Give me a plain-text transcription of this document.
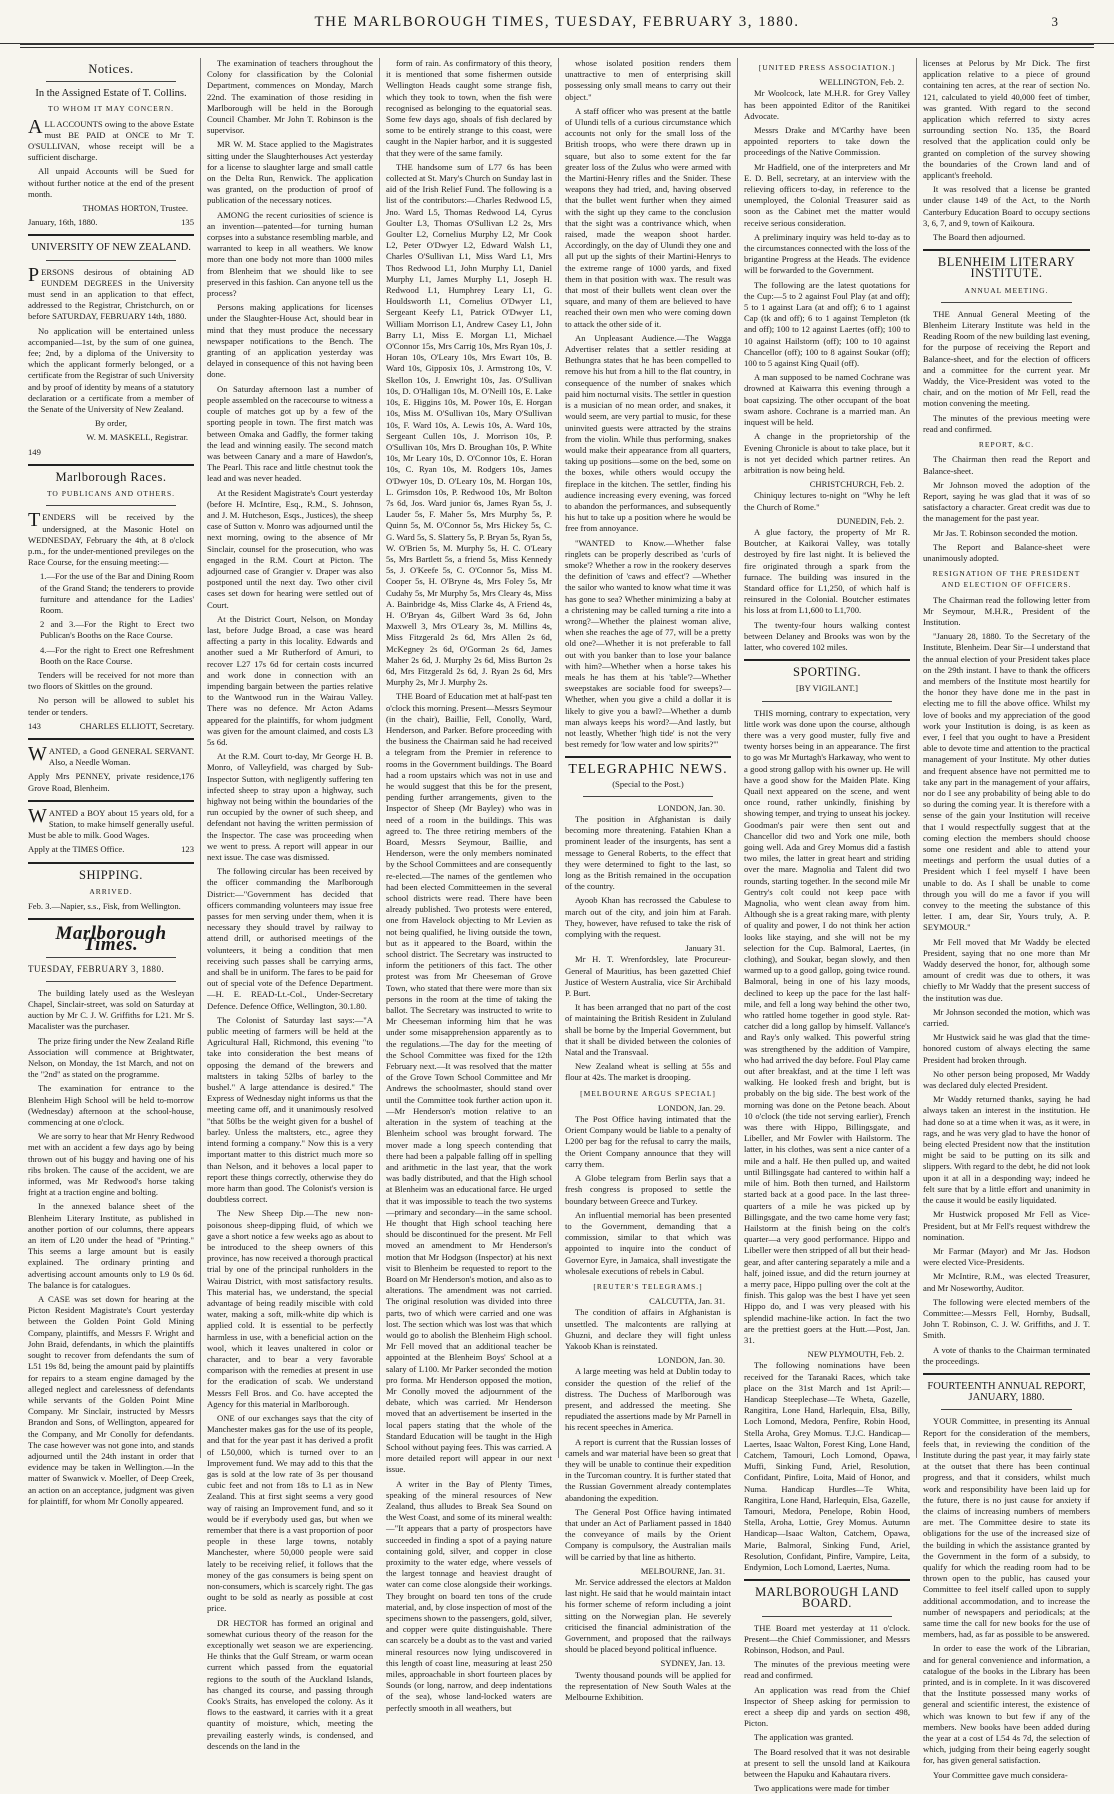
THE MARLBOROUGH TIMES, TUESDAY, FEBRUARY 3, 1880.	3
Notices.
In the Assigned Estate of T. Collins.
TO WHOM IT MAY CONCERN.

ALL ACCOUNTS owing to the above Estate must BE PAID at ONCE to Mr T. O'SULLIVAN, whose receipt will be a sufficient discharge.

All unpaid Accounts will be Sued for without further notice at the end of the present month.

THOMAS HORTON, Trustee.
January, 16th, 1880.	135
UNIVERSITY OF NEW ZEALAND.

PERSONS desirous of obtaining AD EUNDEM DEGREES in the University must send in an application to that effect, addressed to the Registrar, Christchurch, on or before SATURDAY, FEBRUARY 14th, 1880.

No application will be entertained unless accompanied—1st, by the sum of one guinea, fee; 2nd, by a diploma of the University to which the applicant formerly belonged, or a certificate from the Registrar of such University and by proof of identity by means of a statutory declaration or a certificate from a member of the Senate of the University of New Zealand.

By order,
W. M. MASKELL, Registrar.
149
Marlborough Races.
TO PUBLICANS AND OTHERS.

TENDERS will be received by the undersigned, at the Masonic Hotel on WEDNESDAY, February the 4th, at 8 o'clock p.m., for the under-mentioned previleges on the Race Course, for the ensuing meeting:—

1.—For the use of the Bar and Dining Room of the Grand Stand; the tenderers to provide furniture and attendance for the Ladies' Room.

2 and 3.—For the Right to Erect two Publican's Booths on the Race Course.

4.—For the right to Erect one Refreshment Booth on the Race Course.

Tenders will be received for not more than two floors of Skittles on the ground.

No person will be allowed to sublet his tender or tenders.

143	CHARLES ELLIOTT, Secretary.

WANTED, a Good GENERAL SERVANT. Also, a Needle Woman.

Apply Mrs PENNEY, private residence, Grove Road, Blenheim.
176

WANTED a BOY about 15 years old, for a Station, to make himself generally useful. Must be able to milk. Good Wages.

Apply at the TIMES Office.	123
SHIPPING.
ARRIVED.

Feb. 3.—Napier, s.s., Fisk, from Wellington.

Marlborough Times.
TUESDAY, FEBRUARY 3, 1880.

The building lately used as the Wesleyan Chapel, Sinclair-street, was sold on Saturday at auction by Mr C. J. W. Griffiths for L21. Mr S. Macalister was the purchaser.

The prize firing under the New Zealand Rifle Association will commence at Brightwater, Nelson, on Monday, the 1st March, and not on the "2nd" as stated on the programme.

The examination for entrance to the Blenheim High School will be held to-morrow (Wednesday) afternoon at the school-house, commencing at one o'clock.

We are sorry to hear that Mr Henry Redwood met with an accident a few days ago by being thrown out of his buggy and having one of his ribs broken. The cause of the accident, we are informed, was Mr Redwood's horse taking fright at a traction engine and bolting.

In the annexed balance sheet of the Blenheim Literary Institute, as published in another portion of our columns, there appears an item of L20 under the head of "Printing." This seems a large amount but is easily explained. The ordinary printing and advertising account amounts only to L9 0s 6d. The balance is for catalogues.

A CASE was set down for hearing at the Picton Resident Magistrate's Court yesterday between the Golden Point Gold Mining Company, plaintiffs, and Messrs F. Wright and John Braid, defendants, in which the plaintiffs sought to recover from defendants the sum of L51 19s 8d, being the amount paid by plaintiffs for repairs to a steam engine damaged by the alleged neglect and carelessness of defendants while servants of the Golden Point Mine Company. Mr Sinclair, instructed by Messrs Brandon and Sons, of Wellington, appeared for the Company, and Mr Conolly for defendants. The case however was not gone into, and stands adjourned until the 24th instant in order that evidence may be taken in Wellington.—In the matter of Swanwick v. Moeller, of Deep Creek, an action on an acceptance, judgment was given for plaintiff, for whom Mr Conolly appeared.

The examination of teachers throughout the Colony for classification by the Colonial Department, commences on Monday, March 22nd. The examination of those residing in Marlborough will be held in the Borough Council Chamber. Mr John T. Robinson is the supervisor.

MR W. M. Stace applied to the Magistrates sitting under the Slaughterhouses Act yesterday for a license to slaughter large and small cattle on the Delta Run, Renwick. The application was granted, on the production of proof of publication of the necessary notices.

AMONG the recent curiosities of science is an invention—patented—for turning human corpses into a substance resembling marble, and warranted to keep in all weathers. We know more than one body not more than 1000 miles from Blenheim that we should like to see preserved in this fashion. Can anyone tell us the process?

Persons making applications for licenses under the Slaughter-House Act, should bear in mind that they must produce the necessary newspaper notifications to the Bench. The granting of an application yesterday was delayed in consequence of this not having been done.

On Saturday afternoon last a number of people assembled on the racecourse to witness a couple of matches got up by a few of the sporting people in town. The first match was between Omaka and Gadfly, the former taking the lead and winning easily. The second match was between Canary and a mare of Hawdon's, The Pearl. This race and little chestnut took the lead and was never headed.

At the Resident Magistrate's Court yesterday (before H. McIntire, Esq., R.M., S. Johnson, and J. M. Hutcheson, Esqs., Justices), the sheep case of Sutton v. Monro was adjourned until the next morning, owing to the absence of Mr Sinclair, counsel for the prosecution, who was engaged in the R.M. Court at Picton. The adjourned case of Grangier v. Draper was also postponed until the next day. Two other civil cases set down for hearing were settled out of Court.

At the District Court, Nelson, on Monday last, before Judge Broad, a case was heard affecting a party in this locality. Edwards and another sued a Mr Rutherford of Amuri, to recover L27 17s 6d for certain costs incurred and work done in connection with an impending bargain between the parties relative to the Wantwood run in the Wairau Valley. There was no defence. Mr Acton Adams appeared for the plaintiffs, for whom judgment was given for the amount claimed, and costs L3 5s 6d.

At the R.M. Court to-day, Mr George H. B. Monro, of Valleyfield, was charged by Sub-Inspector Sutton, with negligently suffering ten infected sheep to stray upon a highway, such highway not being within the boundaries of the run occupied by the owner of such sheep, and defendant not having the written permission of the Inspector. The case was proceeding when we went to press. A report will appear in our next issue. The case was dismissed.

The following circular has been received by the officer commanding the Marlborough District:—"Government has decided that officers commanding volunteers may issue free passes for men serving under them, when it is necessary they should travel by railway to attend drill, or authorised meetings of the volunteers, it being a condition that men receiving such passes shall be carrying arms, and shall be in uniform. The fares to be paid for out of special vote of the Defence Department.—H. E. READ-Lt.-Col., Under-Secretary Defence. Defence Office, Wellington, 30.1.80.

The Colonist of Saturday last says:—"A public meeting of farmers will be held at the Agricultural Hall, Richmond, this evening "to take into consideration the best means of opposing the demand of the brewers and maltsters in taking 52lbs of barley to the bushel." A large attendance is desired." The Express of Wednesday night informs us that the meeting came off, and it unanimously resolved "that 50lbs be the weight given for a bushel of barley. Unless the maltsters, etc., agree they intend forming a company." Now this is a very important matter to this district much more so than Nelson, and it behoves a local paper to report these things correctly, otherwise they do more harm than good. The Colonist's version is doubtless correct.

The New Sheep Dip.—The new non-poisonous sheep-dipping fluid, of which we gave a short notice a few weeks ago as about to be introduced to the sheep owners of this province, has now received a thorough practical trial by one of the principal runholders in the Wairau District, with most satisfactory results. This material has, we understand, the special advantage of being readily miscible with cold water, making a soft, milk-white dip which is applied cold. It is essential to be perfectly harmless in use, with a beneficial action on the wool, which it leaves unaltered in color or character, and to bear a very favorable comparison with the remedies at present in use for the eradication of scab. We understand Messrs Fell Bros. and Co. have accepted the Agency for this material in Marlborough.

ONE of our exchanges says that the city of Manchester makes gas for the use of its people, and that for the year past it has derived a profit of L50,000, which is turned over to an Improvement fund. We may add to this that the gas is sold at the low rate of 3s per thousand cubic feet and not from 18s to L1 as in New Zealand. This at first sight seems a very good way of raising an Improvement fund, and so it would be if everybody used gas, but when we remember that there is a vast proportion of poor people in these large towns, notably Manchester, where 50,000 people were said lately to be receiving relief, it follows that the money of the gas consumers is being spent on non-consumers, which is scarcely right. The gas ought to be sold as nearly as possible at cost price.

DR HECTOR has formed an original and somewhat curious theory of the reason for the exceptionally wet season we are experiencing. He thinks that the Gulf Stream, or warm ocean current which passed from the equatorial regions to the south of the Auckland Islands, has changed its course, and passing through Cook's Straits, has enveloped the colony. As it flows to the eastward, it carries with it a great quantity of moisture, which, meeting the prevailing easterly winds, is condensed, and descends on the land in the

form of rain. As confirmatory of this theory, it is mentioned that some fishermen outside Wellington Heads caught some strange fish, which they took to town, when the fish were recognised as belonging to the equatorial seas. Some few days ago, shoals of fish declared by some to be entirely strange to this coast, were caught in the Napier harbor, and it is suggested that they were of the same family.

THE handsome sum of L77 6s has been collected at St. Mary's Church on Sunday last in aid of the Irish Relief Fund. The following is a list of the contributors:—Charles Redwood L5, Jno. Ward L5, Thomas Redwood L4, Cyrus Goulter L3, Thomas O'Sullivan L2 2s, Mrs Goulter L2, Cornelius Murphy L2, Mr Cook L2, Peter O'Dwyer L2, Edward Walsh L1, Charles O'Sullivan L1, Miss Ward L1, Mrs Thos Redwood L1, John Murphy L1, Daniel Murphy L1, James Murphy L1, Joseph H. Redwood L1, Humphrey Leary L1, G. Houldsworth L1, Cornelius O'Dwyer L1, Sergeant Keefy L1, Patrick O'Dwyer L1, William Morrison L1, Andrew Casey L1, John Barry L1, Miss E. Morgan L1, Michael O'Connor 15s, Mrs Carrig 10s, Mrs Ryan 10s, J. Horan 10s, O'Leary 10s, Mrs Ewart 10s, B. Ward 10s, Gipposix 10s, J. Armstrong 10s, V. Skellon 10s, J. Enwright 10s, Jas. O'Sullivan 10s, D. O'Halligan 10s, M. O'Neill 10s, E. Lake 10s, E. Higgins 10s, M. Power 10s, E. Horgan 10s, Miss M. O'Sullivan 10s, Mary O'Sullivan 10s, F. Ward 10s, A. Lewis 10s, A. Ward 10s, Sergeant Cullen 10s, J. Morrison 10s, P. O'Sullivan 10s, Mrs D. Broughan 10s, P. White 10s, Mr Leary 10s, D. O'Connor 10s, E. Horan 10s, C. Ryan 10s, M. Rodgers 10s, James O'Dwyer 10s, D. O'Leary 10s, M. Horgan 10s, L. Grimsdon 10s, P. Redwood 10s, Mr Bolton 7s 6d, Jos. Ward junior 6s, James Ryan 5s, J. Lauder 5s, F. Maher 5s, Mrs Murphy 5s, P. Quinn 5s, M. O'Connor 5s, Mrs Hickey 5s, C. G. Ward 5s, S. Slattery 5s, P. Bryan 5s, Ryan 5s, W. O'Brien 5s, M. Murphy 5s, H. C. O'Leary 5s, Mrs Bartlett 5s, a friend 5s, Miss Kennedy 5s, J. O'Keefe 5s, C. O'Connor 5s, Miss M. Cooper 5s, H. O'Bryne 4s, Mrs Foley 5s, Mr Cudahy 5s, Mr Murphy 5s, Mrs Cleary 4s, Miss A. Bainbridge 4s, Miss Clarke 4s, A Friend 4s, H. O'Bryan 4s, Gilbert Ward 3s 6d, John Maxwell 3, Mrs O'Leary 3s, M. Millins 4s, Miss Fitzgerald 2s 6d, Mrs Allen 2s 6d, McKegney 2s 6d, O'Gorman 2s 6d, James Maher 2s 6d, J. Murphy 2s 6d, Miss Burton 2s 6d, Mrs Fitzgerald 2s 6d, J. Ryan 2s 6d, Mrs Murphy 2s, Mr J. Murphy 2s.

THE Board of Education met at half-past ten o'clock this morning. Present—Messrs Seymour (in the chair), Baillie, Fell, Conolly, Ward, Henderson, and Parker. Before proceeding with the business the Chairman said he had received a telegram from the Premier in reference to rooms in the Government buildings. The Board had a room upstairs which was not in use and he would suggest that this be for the present, pending further arrangements, given to the Inspector of Sheep (Mr Bayley) who was in need of a room in the buildings. This was agreed to. The three retiring members of the Board, Messrs Seymour, Baillie, and Henderson, were the only members nominated by the School Committees and are consequently re-elected.—The names of the gentlemen who had been elected Committeemen in the several school districts were read. There have been already published. Two protests were entered, one from Havelock objecting to Mr Levien as not being qualified, he living outside the town, but as it appeared to the Board, within the school district. The Secretary was instructed to inform the petitioners of this fact. The other protest was from Mr Cheeseman of Grove Town, who stated that there were more than six persons in the room at the time of taking the ballot. The Secretary was instructed to write to Mr Cheeseman informing him that he was under some misapprehension apparently as to the regulations.—The day for the meeting of the School Committee was fixed for the 12th February next.—It was resolved that the matter of the Grove Town School Committee and Mr Andrews the schoolmaster, should stand over until the Committee took further action upon it.—Mr Henderson's motion relative to an alteration in the system of teaching at the Blenheim school was brought forward. The mover made a long speech contending that there had been a palpable falling off in spelling and arithmetic in the last year, that the work was badly distributed, and that the High school at Blenheim was an educational farce. He urged that it was impossible to teach the two systems—primary and secondary—in the same school. He thought that High school teaching here should be discontinued for the present. Mr Fell moved an amendment to Mr Henderson's motion that Mr Hodgson (Inspector) at his next visit to Blenheim be requested to report to the Board on Mr Henderson's motion, and also as to alterations. The amendment was not carried. The original resolution was divided into three parts, two of which were carried and one was lost. The section which was lost was that which would go to abolish the Blenheim High school. Mr Fell moved that an additional teacher be appointed at the Blenheim Boys' School at a salary of L100. Mr Parker seconded the motion pro forma. Mr Henderson opposed the motion, Mr Conolly moved the adjournment of the debate, which was carried. Mr Henderson moved that an advertisement be inserted in the local papers stating that the whole of the Standard Education will be taught in the High School without paying fees. This was carried. A more detailed report will appear in our next issue.

A writer in the Bay of Plenty Times, speaking of the mineral resources of New Zealand, thus alludes to Break Sea Sound on the West Coast, and some of its mineral wealth:—"It appears that a party of prospectors have succeeded in finding a spot of a paying nature containing gold, silver, and copper in close proximity to the water edge, where vessels of the largest tonnage and heaviest draught of water can come close alongside their workings. They brought on board ten tons of the crude material, and, by close inspection of most of the specimens shown to the passengers, gold, silver, and copper were quite distinguishable. There can scarcely be a doubt as to the vast and varied mineral resources now lying undiscovered in this length of coast line, measuring at least 250 miles, approachable in short fourteen places by Sounds (or long, narrow, and deep indentations of the sea), whose land-locked waters are perfectly smooth in all weathers, but

whose isolated position renders them unattractive to men of enterprising skill possessing only small means to carry out their object."

A staff officer who was present at the battle of Ulundi tells of a curious circumstance which accounts not only for the small loss of the British troops, who were there drawn up in square, but also to some extent for the far greater loss of the Zulus who were armed with the Martini-Henry rifles and the Snider. These weapons they had tried, and, having observed that the bullet went further when they aimed with the sight up they came to the conclusion that the sight was a contrivance which, when raised, made the weapon shoot harder. Accordingly, on the day of Ulundi they one and all put up the sights of their Martini-Henrys to the extreme range of 1000 yards, and fixed them in that position with wax. The result was that most of their bullets went clean over the square, and many of them are believed to have reached their own men who were coming down to attack the other side of it.

An Unpleasant Audience.—The Wagga Advertiser relates that a settler residing at Bethungra states that he has been compelled to remove his hut from a hill to the flat country, in consequence of the number of snakes which paid him nocturnal visits. The settler in question is a musician of no mean order, and snakes, it would seem, are very partial to music, for these uninvited guests were attracted by the strains from the violin. While thus performing, snakes would make their appearance from all quarters, taking up positions—some on the bed, some on the boxes, while others would occupy the fireplace in the kitchen. The settler, finding his audience increasing every evening, was forced to abandon the performances, and subsequently his hut to take up a position where he would be free from annoyance.

"WANTED to Know.—Whether false ringlets can be properly described as 'curls of smoke'? Whether a row in the rookery deserves the definition of 'caws and effect'? —Whether the sailor who wanted to know what time it was has gone to sea? Whether minimizing a baby at a christening may be called turning a rite into a wrong?—Whether the plainest woman alive, when she reaches the age of 77, will be a pretty old one?—Whether it is not preferable to fall out with you banker than to lose your balance with him?—Whether when a horse takes his meals he has them at his 'table'?—Whether sweepstakes are sociable food for sweeps?—Whether, when you give a child a dollar it is likely to give you a bawl?—Whether a dumb man always keeps his word?—And lastly, but not leastly, Whether 'high tide' is not the very best remedy for 'low water and low spirits?'"

TELEGRAPHIC NEWS.
(Special to the Post.)
LONDON, Jan. 30.

The position in Afghanistan is daily becoming more threatening. Fatahien Khan a prominent leader of the insurgents, has sent a message to General Roberts, to the effect that they were determined to fight to the last, so long as the British remained in the occupation of the country.

Ayoob Khan has recrossed the Cabulese to march out of the city, and join him at Farah. They, however, have refused to take the risk of complying with the request.

January 31.

Mr H. T. Wrenfordsley, late Procureur-General of Mauritius, has been gazetted Chief Justice of Western Australia, vice Sir Archibald P. Burt.

It has been arranged that no part of the cost of maintaining the British Resident in Zululand shall be borne by the Imperial Government, but that it shall be divided between the colonies of Natal and the Transvaal.

New Zealand wheat is selling at 55s and flour at 42s. The market is drooping.

[MELBOURNE ARGUS SPECIAL]
LONDON, Jan. 29.

The Post Office having intimated that the Orient Company would be liable to a penalty of L200 per bag for the refusal to carry the mails, the Orient Company announce that they will carry them.

A Globe telegram from Berlin says that a fresh congress is proposed to settle the boundary between Greece and Turkey.

An influential memorial has been presented to the Government, demanding that a commission, similar to that which was appointed to inquire into the conduct of Governor Eyre, in Jamaica, shall investigate the wholesale executions of rebels in Cabul.

[REUTER'S TELEGRAMS.]
CALCUTTA, Jan. 31.

The condition of affairs in Afghanistan is unsettled. The malcontents are rallying at Ghuzni, and declare they will fight unless Yakoob Khan is reinstated.

LONDON, Jan. 30.

A large meeting was held at Dublin today to consider the question of the relief of the distress. The Duchess of Marlborough was present, and addressed the meeting. She repudiated the assertions made by Mr Parnell in his recent speeches in America.

A report is current that the Russian losses of camels and war material have been so great that they will be unable to continue their expedition in the Turcoman country. It is further stated that the Russian Government already contemplates abandoning the expedition.

The General Post Office having intimated that under an Act of Parliament passed in 1840 the conveyance of mails by the Orient Company is compulsory, the Australian mails will be carried by that line as hitherto.

MELBOURNE, Jan. 31.

Mr. Service addressed the electors at Maldon last night. He said that he would maintain intact his former scheme of reform including a joint sitting on the Norwegian plan. He severely criticised the financial administration of the Government, and proposed that the railways should be placed beyond political influence.

SYDNEY, Jan. 13.

Twenty thousand pounds will be applied for the representation of New South Wales at the Melbourne Exhibition.

[UNITED PRESS ASSOCIATION.]
WELLINGTON, Feb. 2.

Mr Woolcock, late M.H.R. for Grey Valley has been appointed Editor of the Ranitikei Advocate.

Messrs Drake and M'Carthy have been appointed reporters to take down the proceedings of the Native Commission.

Mr Hadfield, one of the interpreters and Mr E. D. Bell, secretary, at an interview with the relieving officers to-day, in reference to the unemployed, the Colonial Treasurer said as soon as the Cabinet met the matter would receive serious consideration.

A preliminary inquiry was held to-day as to the circumstances connected with the loss of the brigantine Progress at the Heads. The evidence will be forwarded to the Government.

The following are the latest quotations for the Cup:—5 to 2 against Foul Play (at and off); 5 to 1 against Lara (at and off); 6 to 1 against Cap (tk and off); 6 to 1 against Templeton (tk and off); 100 to 12 against Laertes (off); 100 to 10 against Hailstorm (off); 100 to 10 against Chancellor (off); 100 to 8 against Soukar (off); 100 to 5 against King Quail (off).

A man supposed to be named Cochrane was drowned at Kaiwarra this evening through a boat capsizing. The other occupant of the boat swam ashore. Cochrane is a married man. An inquest will be held.

A change in the proprietorship of the Evening Chronicle is about to take place, but it is not yet decided which partner retires. An arbitration is now being held.

CHRISTCHURCH, Feb. 2.

Chiniquy lectures to-night on "Why he left the Church of Rome."

DUNEDIN, Feb. 2.

A glue factory, the property of Mr R. Boutcher, at Kaikorai Valley, was totally destroyed by fire last night. It is believed the fire originated through a spark from the furnace. The building was insured in the Standard office for L1,250, of which half is reinsured in the Colonial. Boutcher estimates his loss at from L1,600 to L1,700.

The twenty-four hours walking contest between Delaney and Brooks was won by the latter, who covered 102 miles.

SPORTING.
[BY VIGILANT.]

THIS morning, contrary to expectation, very little work was done upon the course, although there was a very good muster, fully five and twenty horses being in an appearance. The first to go was Mr Murtagh's Harkaway, who went to a good strong gallop with his owner up. He will have a good show for the Maiden Plate. King Quail next appeared on the scene, and went once round, rather unkindly, finishing by showing temper, and trying to unseat his jockey. Goodman's pair were then sent out and Chancellor did two and York one mile, both going well. Ada and Grey Momus did a fastish two miles, the latter in great heart and striding over the mare. Magnolia and Talent did two rounds, starting together. In the second mile Mr Gentry's colt could not keep pace with Magnolia, who went clean away from him. Although she is a great raking mare, with plenty of quality and power, I do not think her action looks like staying, and she will not be my selection for the Cup. Balmoral, Laertes, (in clothing), and Soukar, began slowly, and then warmed up to a good gallop, going twice round. Balmoral, being in one of his lazy moods, declined to keep up the pace for the last half-mile, and fell a long way behind the other two, who rattled home together in good style. Rat-catcher did a long gallop by himself. Vallance's and Ray's only walked. This powerful string was strengthened by the addition of Vampire, who had arrived the day before. Foul Play came out after breakfast, and at the time I left was walking. He looked fresh and bright, but is probably on the big side. The best work of the morning was done on the Petone beach. About 10 o'clock (the tide not serving earlier), French was there with Hippo, Billingsgate, and Libeller, and Mr Fowler with Hailstorm. The latter, in his clothes, was sent a nice canter of a mile and a half. He then pulled up, and waited until Billingsgate had cantered to within half a mile of him. Both then turned, and Hailstorm started back at a good pace. In the last three-quarters of a mile he was picked up by Billingsgate, and the two came home very fast; Hailstorm at the finish being on the colt's quarter—a very good performance. Hippo and Libeller were then stripped of all but their head-gear, and after cantering separately a mile and a half, joined issue, and did the return journey at a merry pace, Hippo pulling over the colt at the finish. This galop was the best I have yet seen Hippo do, and I was very pleased with his splendid machine-like action. In fact the two are the prettiest goers at the Hutt.—Post, Jan. 31.

NEW PLYMOUTH, Feb. 2.

The following nominations have been received for the Taranaki Races, which take place on the 31st March and 1st April:—Handicap Steeplechase—Te Wheta, Gazelle, Rangitira, Lone Hand, Harlequin, Elsa, Billy, Loch Lomond, Medora, Penfire, Robin Hood, Stella Aroha, Grey Momus. T.J.C. Handicap—Laertes, Isaac Walton, Forest King, Lone Hand, Catchem, Tamouri, Loch Lomond, Opawa, Muffi, Sinking Fund, Ariel, Resolution, Confidant, Pinfire, Loita, Maid of Honor, and Numa. Handicap Hurdles—Te Whita, Rangitira, Lone Hand, Harlequin, Elsa, Gazelle, Tamouri, Medora, Penelope, Robin Hood, Stella, Aroha, Lottie, Grey Momus. Autumn Handicap—Isaac Walton, Catchem, Opawa, Marie, Balmoral, Sinking Fund, Ariel, Resolution, Confidant, Pinfire, Vampire, Leita, Endymion, Loch Lomond, Laertes, Numa.

MARLBOROUGH LAND BOARD.

THE Board met yesterday at 11 o'clock. Present—the Chief Commissioner, and Messrs Robinson, Hodson, and Paul.

The minutes of the previous meeting were read and confirmed.

An application was read from the Chief Inspector of Sheep asking for permission to erect a sheep dip and yards on section 498, Picton.

The application was granted.

The Board resolved that it was not desirable at present to sell the unsold land at Kaikoura between the Hapuku and Kahautara rivers.

Two applications were made for timber

licenses at Pelorus by Mr Dick. The first application relative to a piece of ground containing ten acres, at the rear of section No. 121, calculated to yield 40,000 feet of timber, was granted. With regard to the second application which referred to sixty acres surrounding section No. 135, the Board resolved that the application could only be granted on completion of the survey showing the boundaries of the Crown land and of applicant's freehold.

It was resolved that a license be granted under clause 149 of the Act, to the North Canterbury Education Board to occupy sections 3, 6, 7, and 9, town of Kaikoura.

The Board then adjourned.

BLENHEIM LITERARY INSTITUTE.
ANNUAL MEETING.

THE Annual General Meeting of the Blenheim Literary Institute was held in the Reading Room of the new building last evening, for the purpose of receiving the Report and Balance-sheet, and for the election of officers and a committee for the current year. Mr Waddy, the Vice-President was voted to the chair, and on the motion of Mr Fell, read the motion convening the meeting.

The minutes of the previous meeting were read and confirmed.

REPORT, &C.

The Chairman then read the Report and Balance-sheet.

Mr Johnson moved the adoption of the Report, saying he was glad that it was of so satisfactory a character. Great credit was due to the management for the past year.

Mr Jas. T. Robinson seconded the motion.

The Report and Balance-sheet were unanimously adopted.

RESIGNATION OF THE PRESIDENT AND ELECTION OF OFFICERS.

The Chairman read the following letter from Mr Seymour, M.H.R., President of the Institution.

"January 28, 1880. To the Secretary of the Institute, Blenheim. Dear Sir—I understand that the annual election of your President takes place on the 29th instant. I have to thank the officers and members of the Institute most heartily for the honor they have done me in the past in electing me to fill the above office. Whilst my love of books and my appreciation of the good work your Institution is doing, is as keen as ever, I feel that you ought to have a President able to devote time and attention to the practical management of your Institute. My other duties and frequent absence have not permitted me to take any part in the management of your affairs, nor do I see any probability of being able to do so during the coming year. It is therefore with a sense of the gain your Institution will receive that I would respectfully suggest that at the coming election the members should choose some one resident and able to attend your meetings and perform the usual duties of a President which I feel myself I have been unable to do. As I shall be unable to come through you will do me a favor if you will convey to the meeting the substance of this letter. I am, dear Sir, Yours truly, A. P. SEYMOUR."

Mr Fell moved that Mr Waddy be elected President, saying that no one more than Mr Waddy deserved the honor, for, although some amount of credit was due to others, it was chiefly to Mr Waddy that the present success of the institution was due.

Mr Johnson seconded the motion, which was carried.

Mr Hustwick said he was glad that the time-honored custom of always electing the same President had broken through.

No other person being proposed, Mr Waddy was declared duly elected President.

Mr Waddy returned thanks, saying he had always taken an interest in the institution. He had done so at a time when it was, as it were, in rags, and he was very glad to have the honor of being elected President now that the institution might be said to be putting on its silk and slippers. With regard to the debt, he did not look upon it at all in a desponding way; indeed he felt sure that by a little effort and unanimity in the cause it would be easily liquidated.

Mr Hustwick proposed Mr Fell as Vice-President, but at Mr Fell's request withdrew the nomination.

Mr Farmar (Mayor) and Mr Jas. Hodson were elected Vice-Presidents.

Mr McIntire, R.M., was elected Treasurer, and Mr Noseworthy, Auditor.

The following were elected members of the Committee:—Messrs Fell, Hornby, Budsall, John T. Robinson, C. J. W. Griffiths, and J. T. Smith.

A vote of thanks to the Chairman terminated the proceedings.

FOURTEENTH ANNUAL REPORT, JANUARY, 1880.

YOUR Committee, in presenting its Annual Report for the consideration of the members, feels that, in reviewing the condition of the Institute during the past year, it may fairly state at the outset that there has been continual progress, and that it considers, whilst much work and responsibility have been laid up for the future, there is no just cause for anxiety if the claims of increasing numbers of members are met. The Committee desire to state its obligations for the use of the increased size of the building in which the assistance granted by the Government in the form of a subsidy, to qualify for which the reading room had to be thrown open to the public, has caused your Committee to feel itself called upon to supply additional accommodation, and to increase the number of newspapers and periodicals; at the same time the call for new books for the use of members, had, as far as possible to be answered.

In order to ease the work of the Librarian, and for general convenience and information, a catalogue of the books in the Library has been printed, and is in complete. In it was discovered that the Institute possessed many works of general and scientific interest, the existence of which was known to but few if any of the members. New books have been added during the year at a cost of L54 4s 7d, the selection of which, judging from their being eagerly sought for, has given general satisfaction.

Your Committee gave much considera-
